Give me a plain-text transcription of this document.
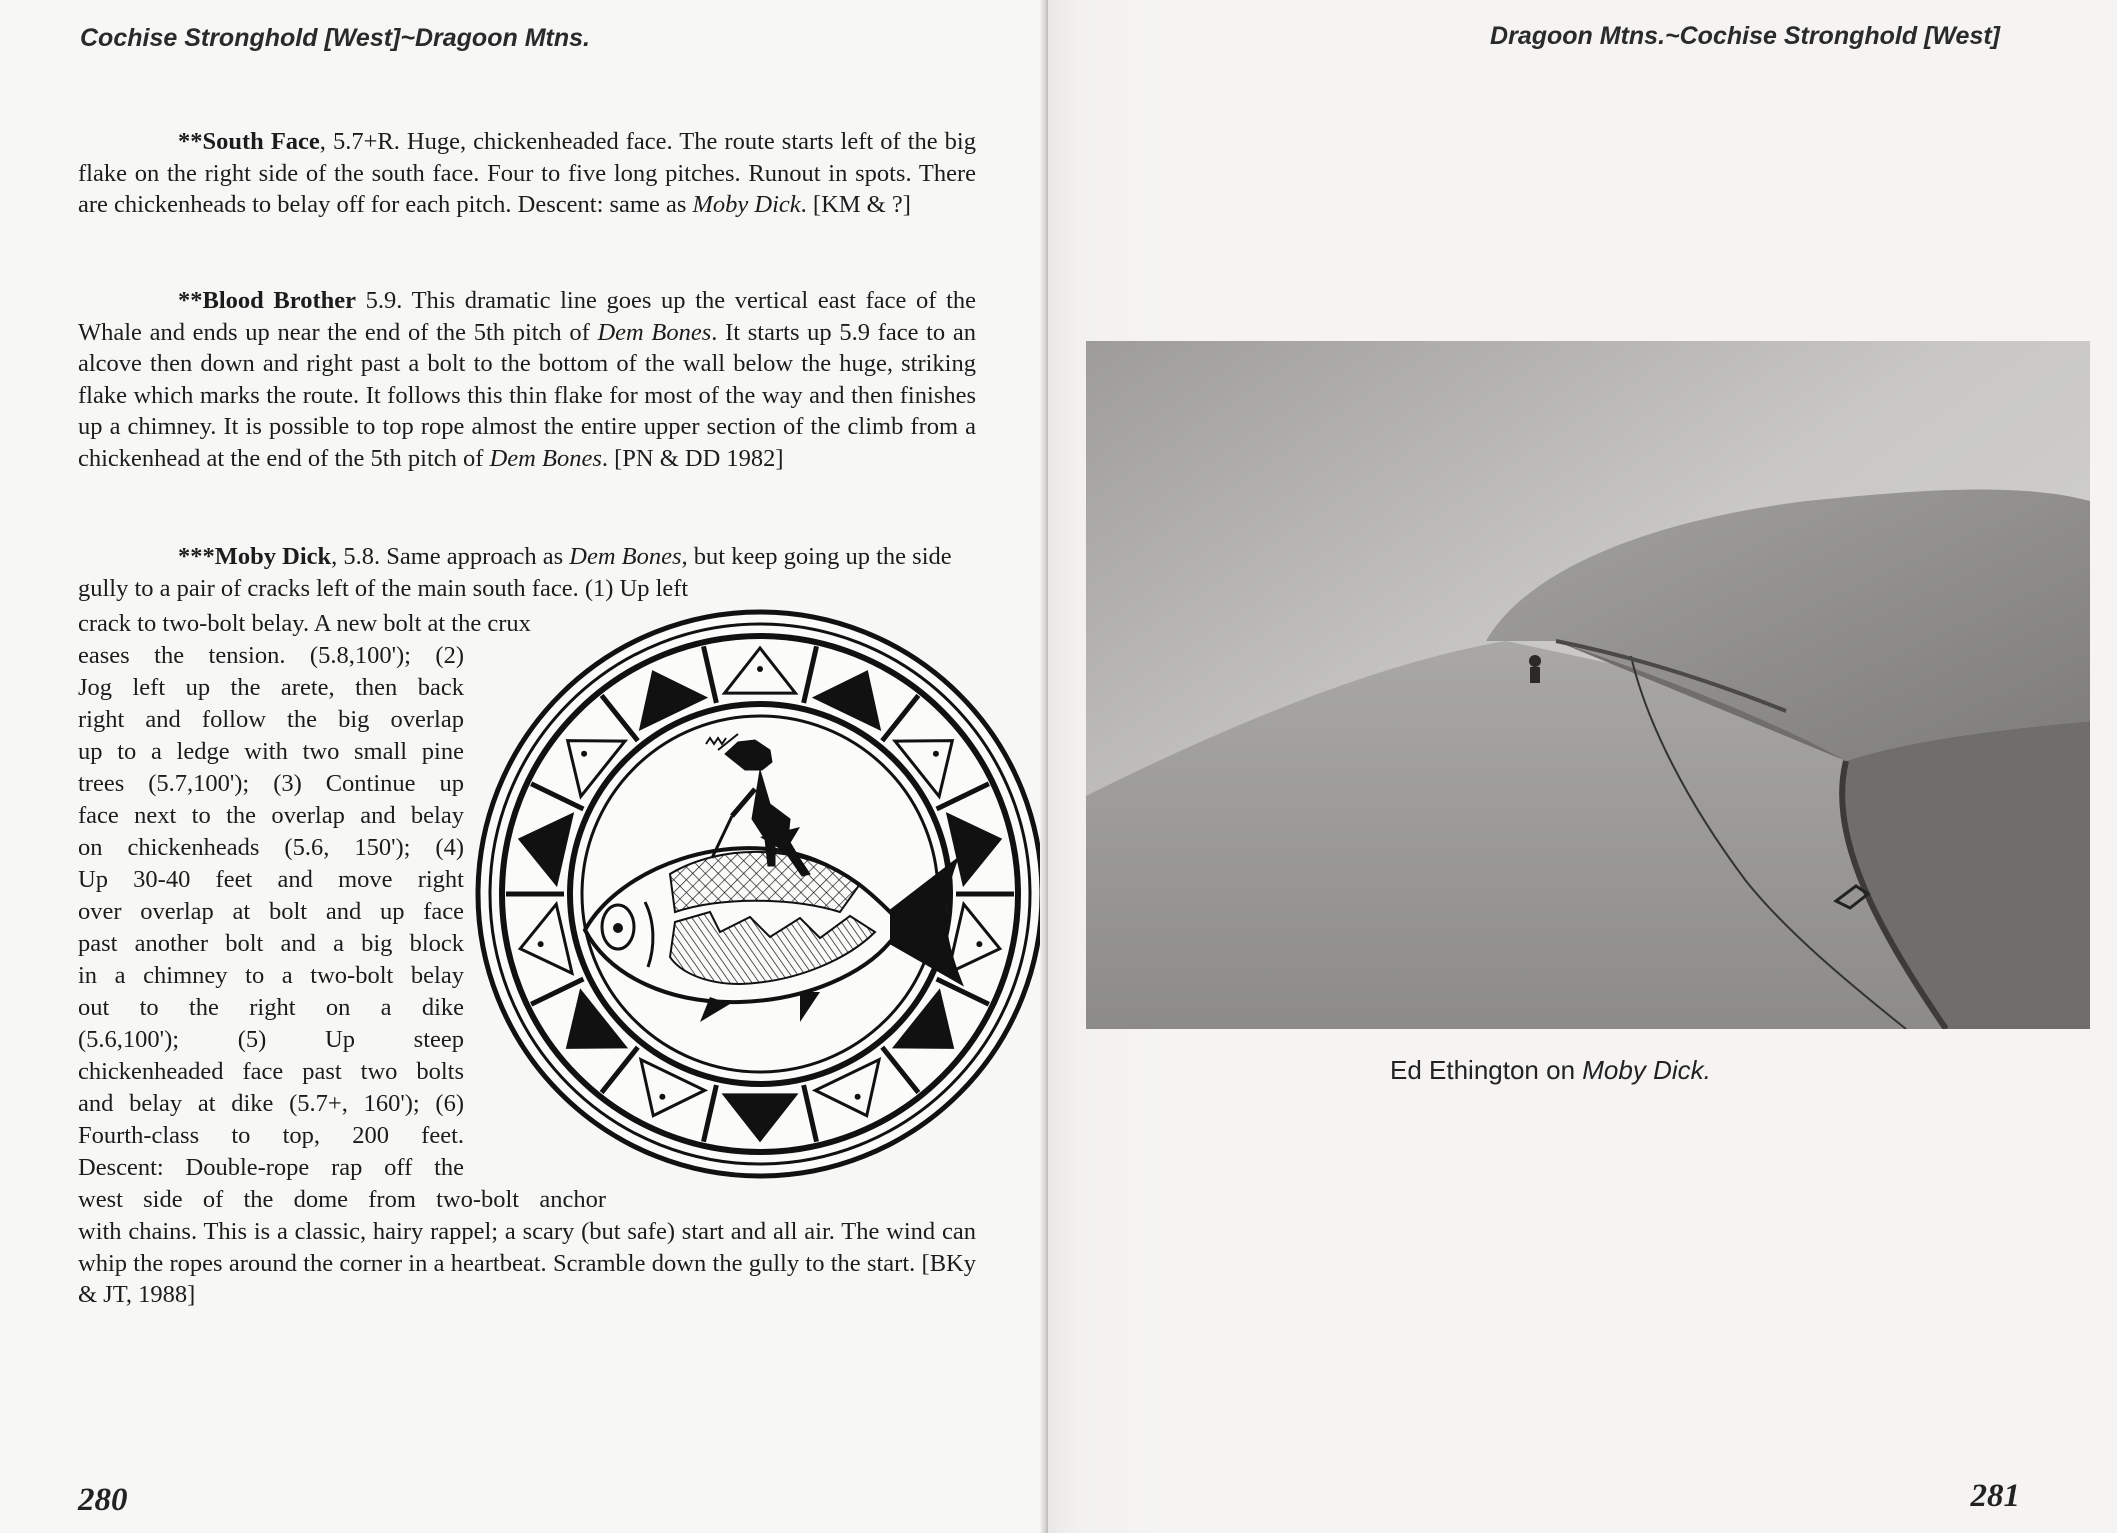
Cochise Stronghold [West]~Dragoon Mtns.

**South Face, 5.7+R. Huge, chickenheaded face. The route starts left of the big flake on the right side of the south face. Four to five long pitches. Runout in spots. There are chickenheads to belay off for each pitch. Descent: same as Moby Dick. [KM & ?]

**Blood Brother 5.9. This dramatic line goes up the vertical east face of the Whale and ends up near the end of the 5th pitch of Dem Bones. It starts up 5.9 face to an alcove then down and right past a bolt to the bottom of the wall below the huge, striking flake which marks the route. It follows this thin flake for most of the way and then finishes up a chimney. It is possible to top rope almost the entire upper section of the climb from a chickenhead at the end of the 5th pitch of Dem Bones. [PN & DD 1982]

***Moby Dick, 5.8. Same approach as Dem Bones, but keep going up the side gully to a pair of cracks left of the main south face. (1) Up left

crack to two-bolt belay. A new bolt at the crux
eases the tension. (5.8,100'); (2)
Jog left up the arete, then back
right and follow the big overlap
up to a ledge with two small pine
trees (5.7,100'); (3) Continue up
face next to the overlap and belay
on chickenheads (5.6, 150'); (4)
Up 30-40 feet and move right
over overlap at bolt and up face
past another bolt and a big block
in a chimney to a two-bolt belay
out to the right on a dike
(5.6,100'); (5) Up steep
chickenheaded face past two bolts
and belay at dike (5.7+, 160'); (6)
Fourth-class to top, 200 feet.
Descent: Double-rope rap off the
west side of the dome from two-bolt anchor
with chains. This is a classic, hairy rappel; a scary (but safe) start and all air. The wind can whip the ropes around the corner in a heartbeat. Scramble down the gully to the start. [BKy & JT, 1988]
280
Dragoon Mtns.~Cochise Stronghold [West]
Ed Ethington on Moby Dick.
281
